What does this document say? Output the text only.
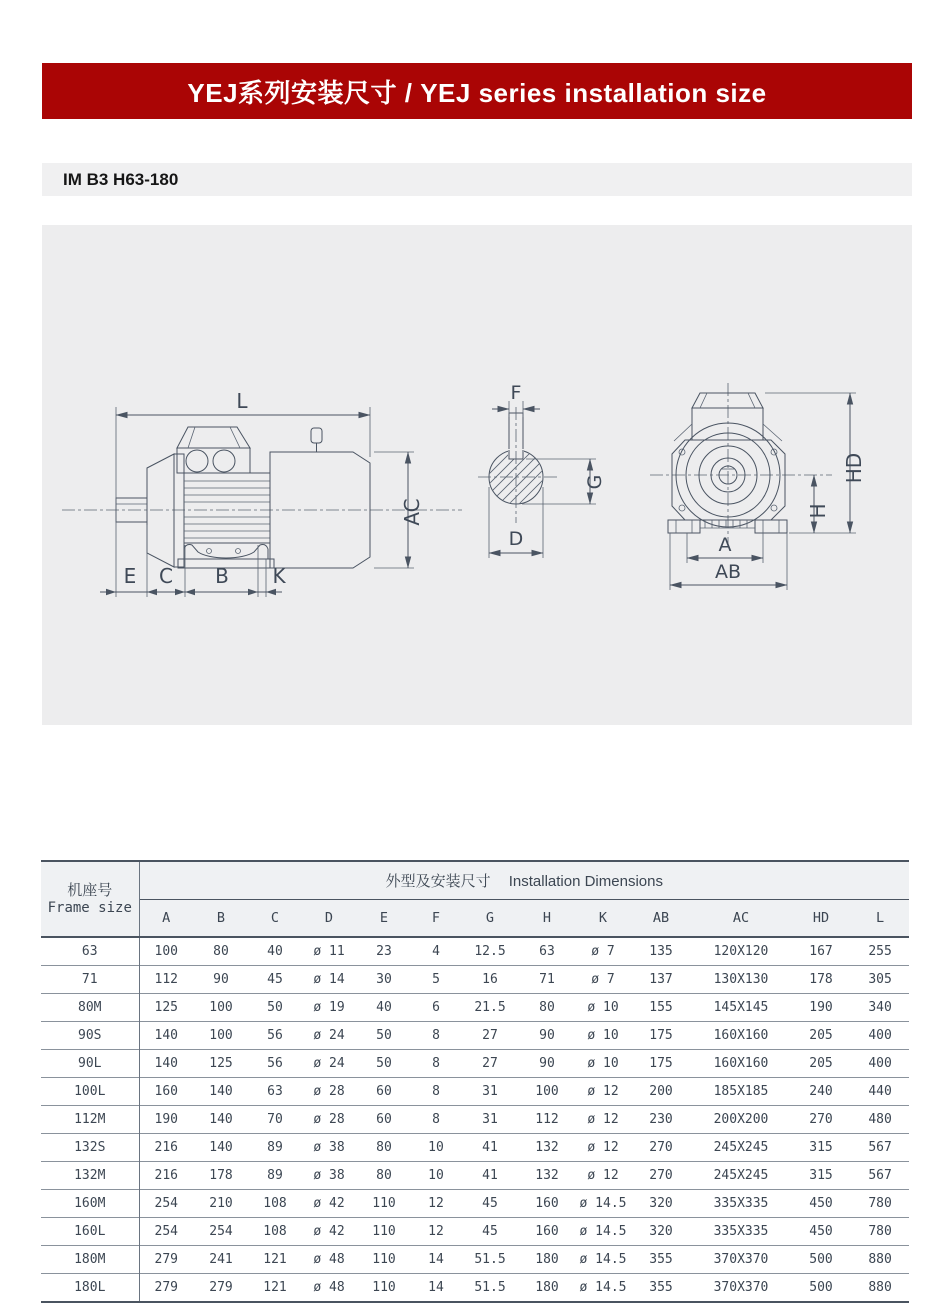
YEJ系列安装尺寸 / YEJ series installation size
IM B3 H63-180
L
AC
E C B K
F
G
D
HD
H
A
AB
机座号
Frame size	外型及安装尺寸 Installation Dimensions												
	A	B	C	D	E	F	G	H	K	AB	AC	HD	L
63	100	80	40	ø 11	23	4	12.5	63	ø 7	135	120X120	167	255
71	112	90	45	ø 14	30	5	16	71	ø 7	137	130X130	178	305
80M	125	100	50	ø 19	40	6	21.5	80	ø 10	155	145X145	190	340
90S	140	100	56	ø 24	50	8	27	90	ø 10	175	160X160	205	400
90L	140	125	56	ø 24	50	8	27	90	ø 10	175	160X160	205	400
100L	160	140	63	ø 28	60	8	31	100	ø 12	200	185X185	240	440
112M	190	140	70	ø 28	60	8	31	112	ø 12	230	200X200	270	480
132S	216	140	89	ø 38	80	10	41	132	ø 12	270	245X245	315	567
132M	216	178	89	ø 38	80	10	41	132	ø 12	270	245X245	315	567
160M	254	210	108	ø 42	110	12	45	160	ø 14.5	320	335X335	450	780
160L	254	254	108	ø 42	110	12	45	160	ø 14.5	320	335X335	450	780
180M	279	241	121	ø 48	110	14	51.5	180	ø 14.5	355	370X370	500	880
180L	279	279	121	ø 48	110	14	51.5	180	ø 14.5	355	370X370	500	880
